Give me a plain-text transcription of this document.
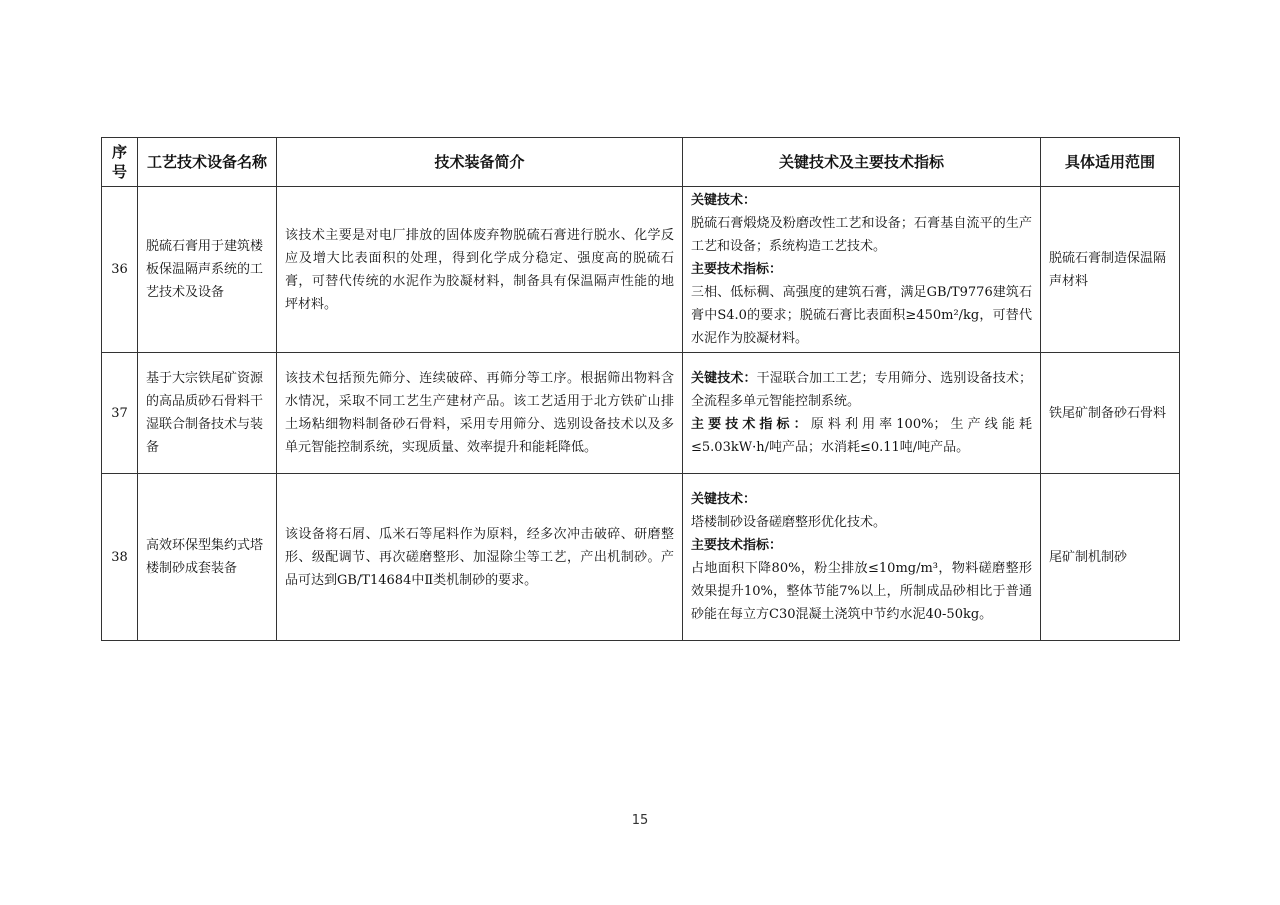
序号	工艺技术设备名称	技术装备简介	关键技术及主要技术指标	具体适用范围
36	脱硫石膏用于建筑楼板保温隔声系统的工艺技术及设备	该技术主要是对电厂排放的固体废弃物脱硫石膏进行脱水、化学反应及增大比表面积的处理，得到化学成分稳定、强度高的脱硫石膏，可替代传统的水泥作为胶凝材料，制备具有保温隔声性能的地坪材料。	关键技术：
脱硫石膏煅烧及粉磨改性工艺和设备；石膏基自流平的生产工艺和设备；系统构造工艺技术。
主要技术指标：
三相、低标稠、高强度的建筑石膏，满足GB/T9776建筑石膏中S4.0的要求；脱硫石膏比表面积≥450m²/kg，可替代水泥作为胶凝材料。	脱硫石膏制造保温隔声材料
37	基于大宗铁尾矿资源的高品质砂石骨料干湿联合制备技术与装备	该技术包括预先筛分、连续破碎、再筛分等工序。根据筛出物料含水情况，采取不同工艺生产建材产品。该工艺适用于北方铁矿山排土场粘细物料制备砂石骨料，采用专用筛分、选别设备技术以及多单元智能控制系统，实现质量、效率提升和能耗降低。	关键技术：干湿联合加工工艺；专用筛分、选别设备技术；全流程多单元智能控制系统。
主要技术指标：原料利用率100%；生产线能耗≤5.03kW·h/吨产品；水消耗≤0.11吨/吨产品。	铁尾矿制备砂石骨料
38	高效环保型集约式塔楼制砂成套装备	该设备将石屑、瓜米石等尾料作为原料，经多次冲击破碎、研磨整形、级配调节、再次磋磨整形、加湿除尘等工艺，产出机制砂。产品可达到GB/T14684中Ⅱ类机制砂的要求。	关键技术：
塔楼制砂设备磋磨整形优化技术。
主要技术指标：
占地面积下降80%，粉尘排放≤10mg/m³，物料磋磨整形效果提升10%，整体节能7%以上，所制成品砂相比于普通砂能在每立方C30混凝土浇筑中节约水泥40-50kg。	尾矿制机制砂
15
